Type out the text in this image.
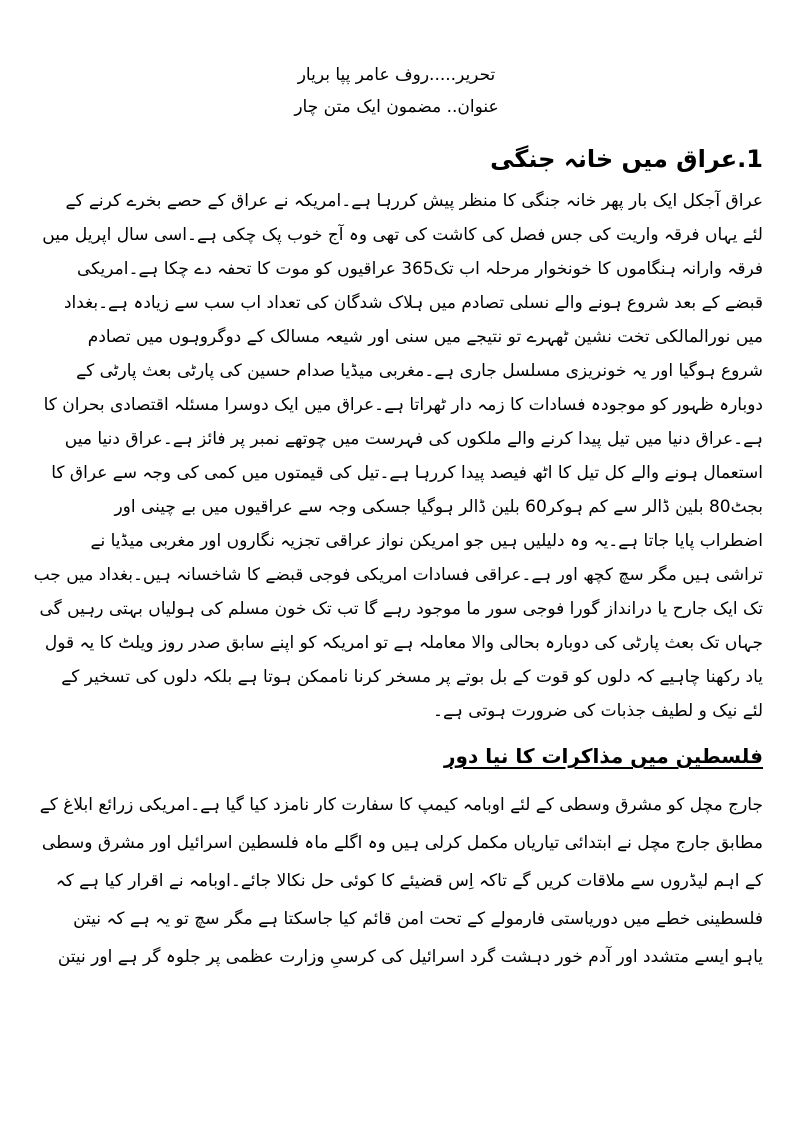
تحریر.....روف عامر پپا بریار
عنوان.. مضمون ایک متن چار
1.عراق میں خانہ جنگی
عراق آجکل ایک بار پھر خانہ جنگی کا منظر پیش کررہا ہے۔امریکہ نے عراق کے حصے بخرے کرنے کے
لئے یہاں فرقہ واریت کی جس فصل کی کاشت کی تھی وہ آج خوب پک چکی ہے۔اسی سال اپریل میں
فرقہ وارانہ ہنگاموں کا خونخوار مرحلہ اب تک365 عراقیوں کو موت کا تحفہ دے چکا ہے۔امریکی
قبضے کے بعد شروع ہونے والے نسلی تصادم میں ہلاک شدگان کی تعداد اب سب سے زیادہ ہے۔بغداد
میں نورالمالکی تخت نشین ٹھہرے تو نتیجے میں سنی اور شیعہ مسالک کے دوگروہوں میں تصادم
شروع ہوگیا اور یہ خونریزی مسلسل جاری ہے۔مغربی میڈیا صدام حسین کی پارٹی بعث پارٹی کے
دوبارہ ظہور کو موجودہ فسادات کا زمہ دار ٹھراتا ہے۔عراق میں ایک دوسرا مسئلہ اقتصادی بحران کا
ہے۔عراق دنیا میں تیل پیدا کرنے والے ملکوں کی فہرست میں چوتھے نمبر پر فائز ہے۔عراق دنیا میں
استعمال ہونے والے کل تیل کا اٹھ فیصد پیدا کررہا ہے۔تیل کی قیمتوں میں کمی کی وجہ سے عراق کا
بجٹ80 بلین ڈالر سے کم ہوکر60 بلین ڈالر ہوگیا جسکی وجہ سے عراقیوں میں بے چینی اور
اضطراب پایا جاتا ہے۔یہ وہ دلیلیں ہیں جو امریکن نواز عراقی تجزیہ نگاروں اور مغربی میڈیا نے
تراشی ہیں مگر سچ کچھ اور ہے۔عراقی فسادات امریکی فوجی قبضے کا شاخسانہ ہیں۔بغداد میں جب
تک ایک جارح یا درانداز گورا فوجی سور ما موجود رہے گا تب تک خون مسلم کی ہولیاں بہتی رہیں گی
جہاں تک بعث پارٹی کی دوبارہ بحالی والا معاملہ ہے تو امریکہ کو اپنے سابق صدر روز ویلٹ کا یہ قول
یاد رکھنا چاہیے کہ دلوں کو قوت کے بل بوتے پر مسخر کرنا ناممکن ہوتا ہے بلکہ دلوں کی تسخیر کے
لئے نیک و لطیف جذبات کی ضرورت ہوتی ہے۔
فلسطین میں مذاکرات کا نیا دور
جارج مچل کو مشرق وسطی کے لئے اوبامہ کیمپ کا سفارت کار نامزد کیا گیا ہے۔امریکی زرائع ابلاغ کے
مطابق جارج مچل نے ابتدائی تیاریاں مکمل کرلی ہیں وہ اگلے ماہ فلسطین اسرائیل اور مشرق وسطی
کے اہم لیڈروں سے ملاقات کریں گے تاکہ اِس قضیئے کا کوئی حل نکالا جائے۔اوبامہ نے اقرار کیا ہے کہ
فلسطینی خطے میں دوریاستی فارمولے کے تحت امن قائم کیا جاسکتا ہے مگر سچ تو یہ ہے کہ نیتن
یاہو ایسے متشدد اور آدم خور دہشت گرد اسرائیل کی کرسیِ وزارت عظمی پر جلوہ گر ہے اور نیتن
